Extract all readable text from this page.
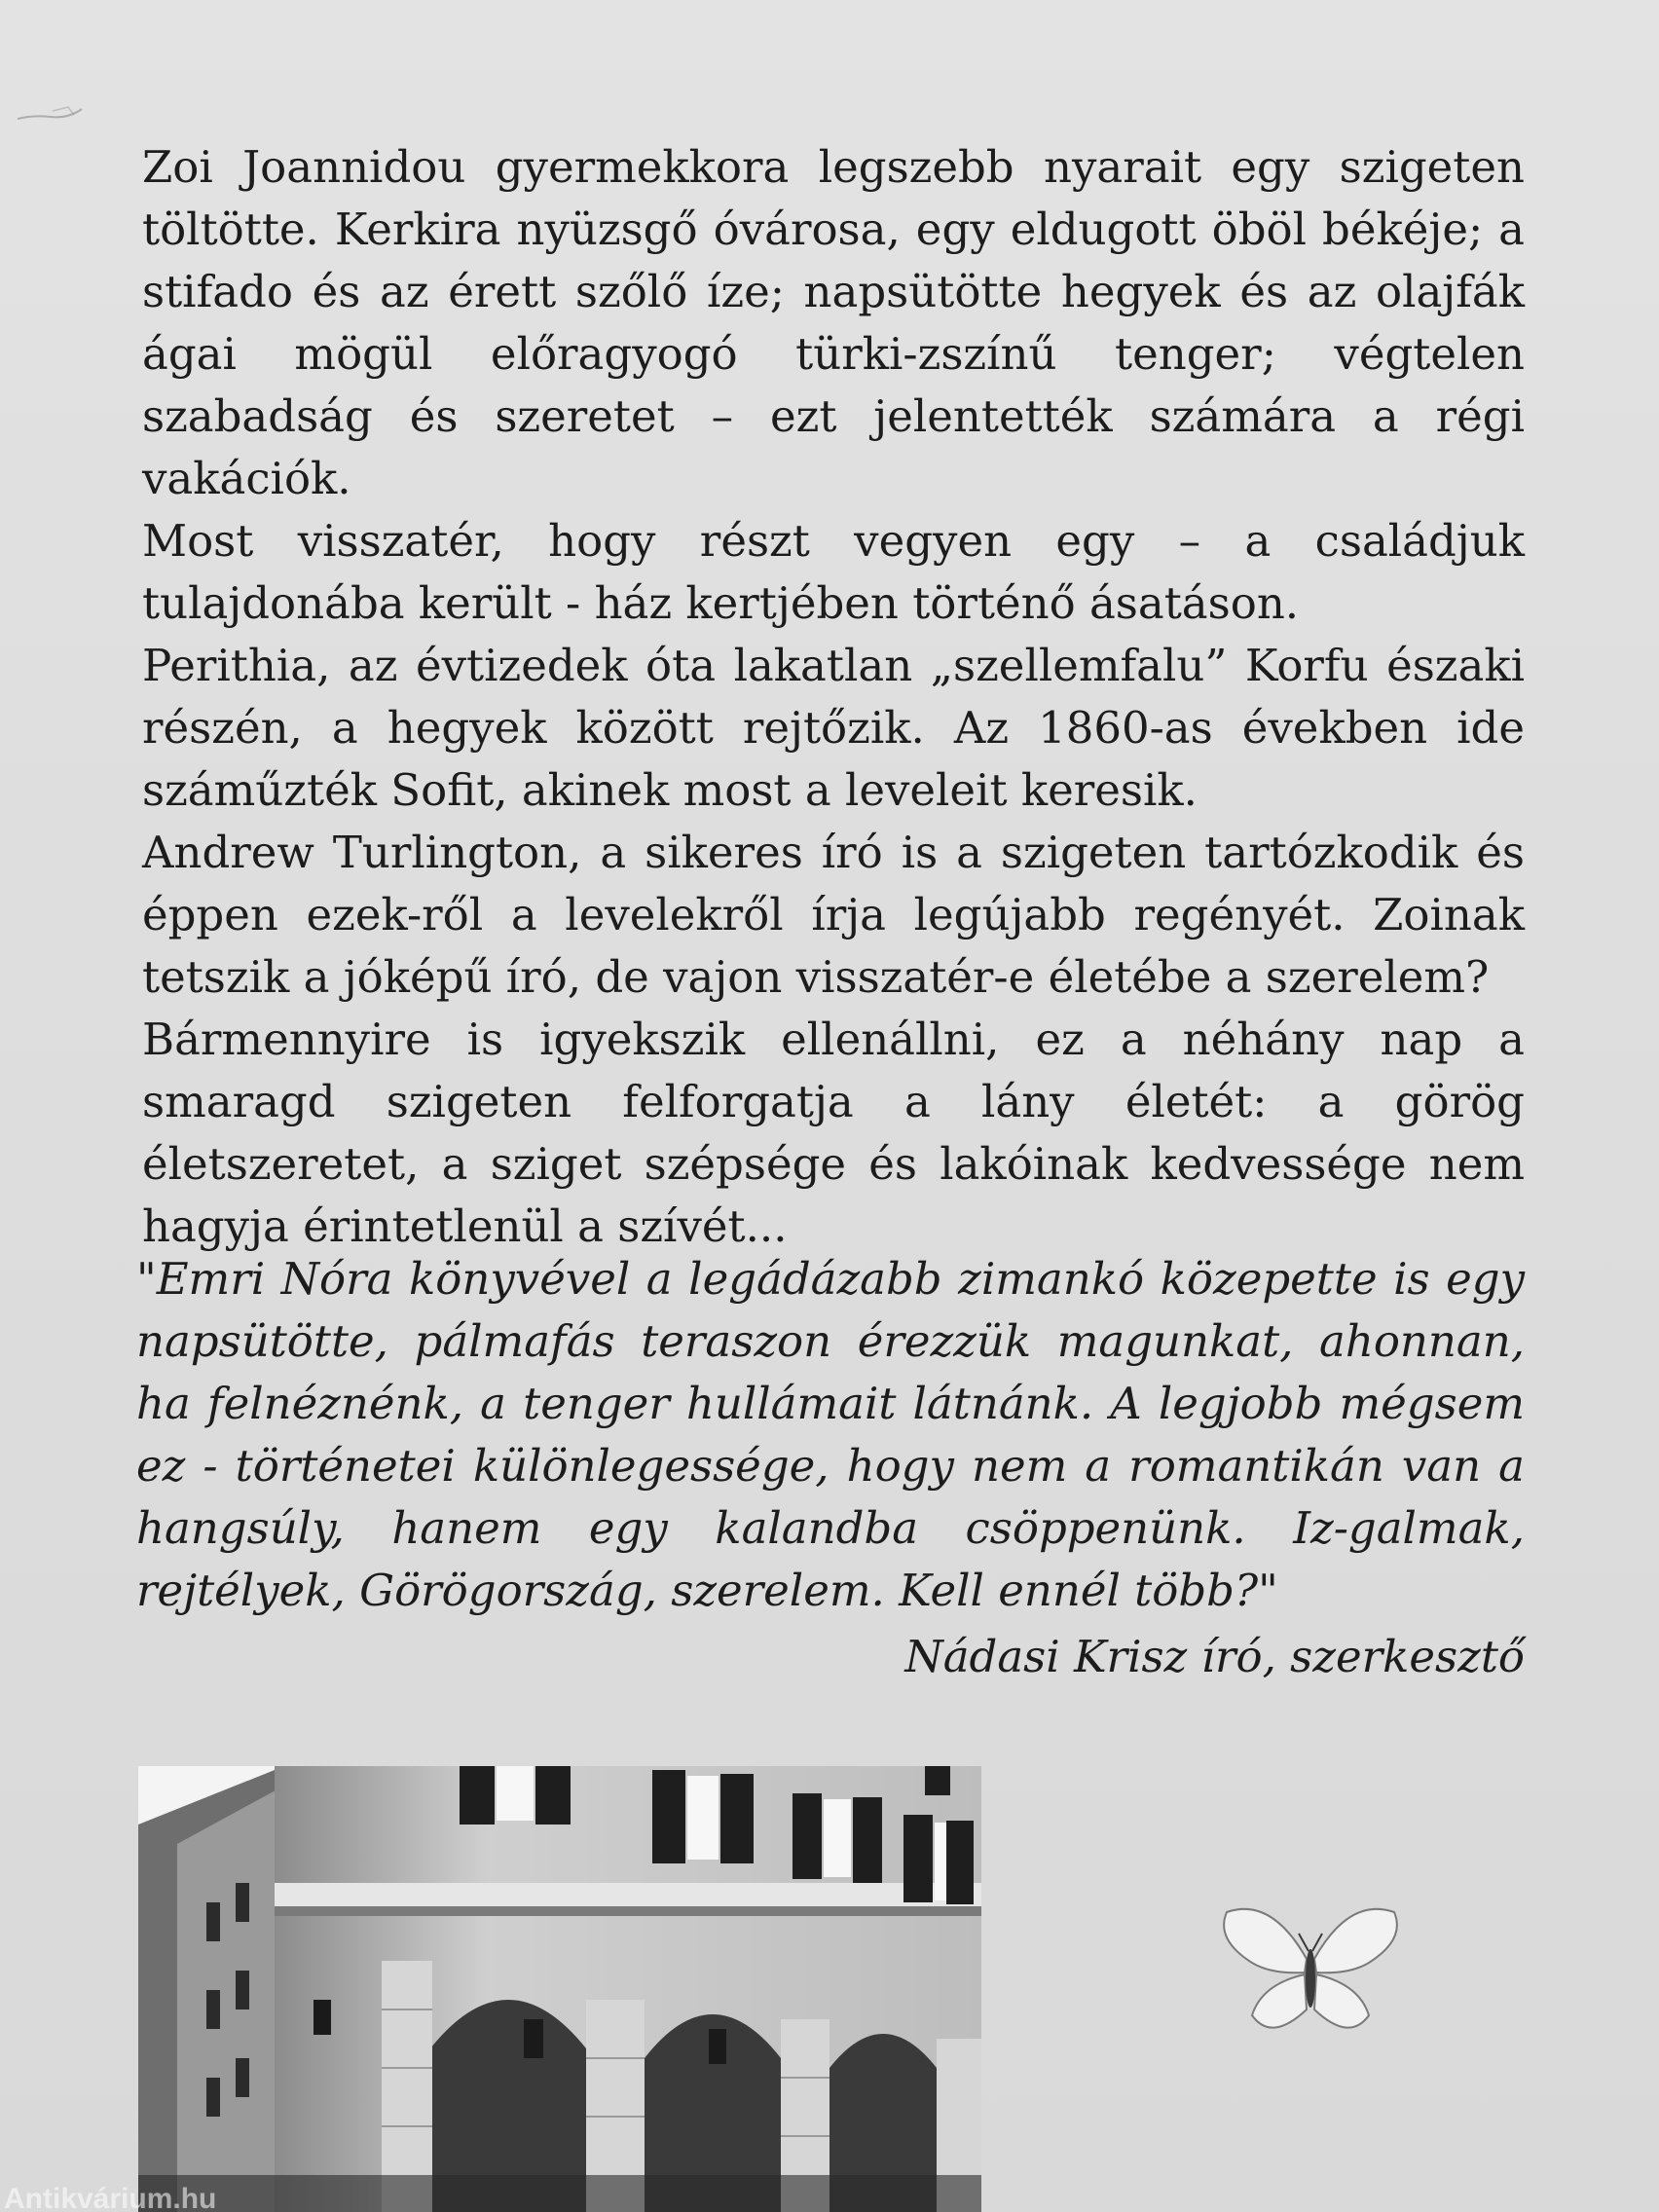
Zoi Joannidou gyermekkora legszebb nyarait egy szigeten töltötte. Kerkira nyüzsgő óvárosa, egy eldugott öböl békéje; a stifado és az érett szőlő íze; napsütötte hegyek és az olajfák ágai mögül előragyogó türki-zszínű tenger; végtelen szabadság és szeretet – ezt jelentették számára a régi vakációk.

Most visszatér, hogy részt vegyen egy – a családjuk tulajdonába került - ház kertjében történő ásatáson.

Perithia, az évtizedek óta lakatlan „szellemfalu” Korfu északi részén, a hegyek között rejtőzik. Az 1860-as években ide száműzték Sofit, akinek most a leveleit keresik.

Andrew Turlington, a sikeres író is a szigeten tartózkodik és éppen ezek-ről a levelekről írja legújabb regényét. Zoinak tetszik a jóképű író, de vajon visszatér-e életébe a szerelem?

Bármennyire is igyekszik ellenállni, ez a néhány nap a smaragd szigeten felforgatja a lány életét: a görög életszeretet, a sziget szépsége és lakóinak kedvessége nem hagyja érintetlenül a szívét...

"Emri Nóra könyvével a legádázabb zimankó közepette is egy napsütötte, pálmafás teraszon érezzük magunkat, ahonnan, ha felnéznénk, a tenger hullámait látnánk. A legjobb mégsem ez - történetei különlegessége, hogy nem a romantikán van a hangsúly, hanem egy kalandba csöppenünk. Iz-galmak, rejtélyek, Görögország, szerelem. Kell ennél több?"
Nádasi Krisz író, szerkesztő
Antikvárium.hu
